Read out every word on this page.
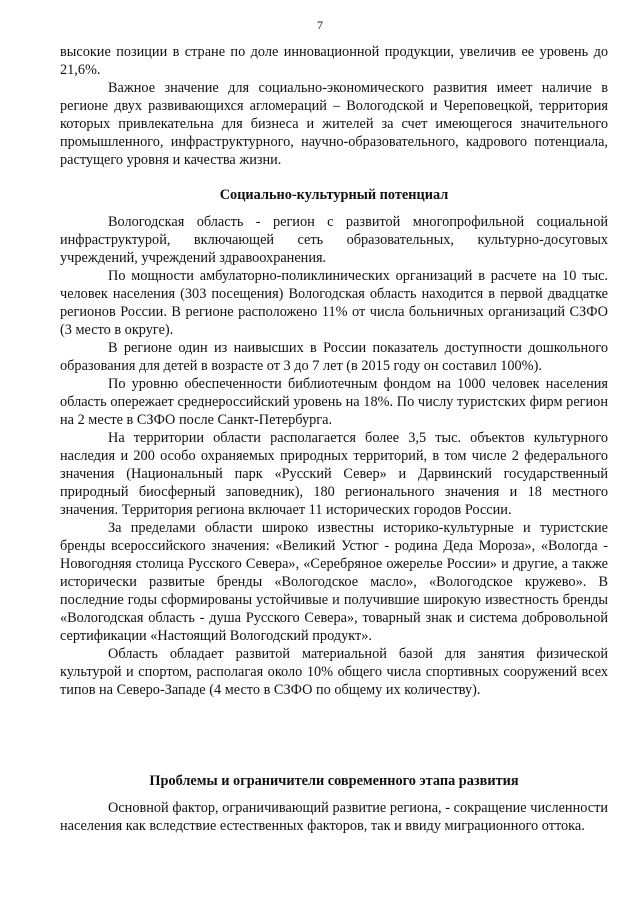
7

высокие позиции в стране по доле инновационной продукции, увеличив ее уровень до 21,6%.

Важное значение для социально-экономического развития имеет наличие в регионе двух развивающихся агломераций – Вологодской и Череповецкой, территория которых привлекательна для бизнеса и жителей за счет имеющегося значительного промышленного, инфраструктурного, научно-образовательного, кадрового потенциала, растущего уровня и качества жизни.

Социально-культурный потенциал

Вологодская область - регион с развитой многопрофильной социальной инфраструктурой, включающей сеть образовательных, культурно-досуговых учреждений, учреждений здравоохранения.

По мощности амбулаторно-поликлинических организаций в расчете на 10 тыс. человек населения (303 посещения) Вологодская область находится в первой двадцатке регионов России. В регионе расположено 11% от числа больничных организаций СЗФО (3 место в округе).

В регионе один из наивысших в России показатель доступности дошкольного образования для детей в возрасте от 3 до 7 лет (в 2015 году он составил 100%).

По уровню обеспеченности библиотечным фондом на 1000 человек населения область опережает среднероссийский уровень на 18%. По числу туристских фирм регион на 2 месте в СЗФО после Санкт-Петербурга.

На территории области располагается более 3,5 тыс. объектов культурного наследия и 200 особо охраняемых природных территорий, в том числе 2 федерального значения (Национальный парк «Русский Север» и Дарвинский государственный природный биосферный заповедник), 180 регионального значения и 18 местного значения. Территория региона включает 11 исторических городов России.

За пределами области широко известны историко-культурные и туристские бренды всероссийского значения: «Великий Устюг - родина Деда Мороза», «Вологда - Новогодняя столица Русского Севера», «Серебряное ожерелье России» и другие, а также исторически развитые бренды «Вологодское масло», «Вологодское кружево». В последние годы сформированы устойчивые и получившие широкую известность бренды «Вологодская область - душа Русского Севера», товарный знак и система добровольной сертификации «Настоящий Вологодский продукт».

Область обладает развитой материальной базой для занятия физической культурой и спортом, располагая около 10% общего числа спортивных сооружений всех типов на Северо-Западе (4 место в СЗФО по общему их количеству).

Проблемы и ограничители современного этапа развития

Основной фактор, ограничивающий развитие региона, - сокращение численности населения как вследствие естественных факторов, так и ввиду миграционного оттока.
